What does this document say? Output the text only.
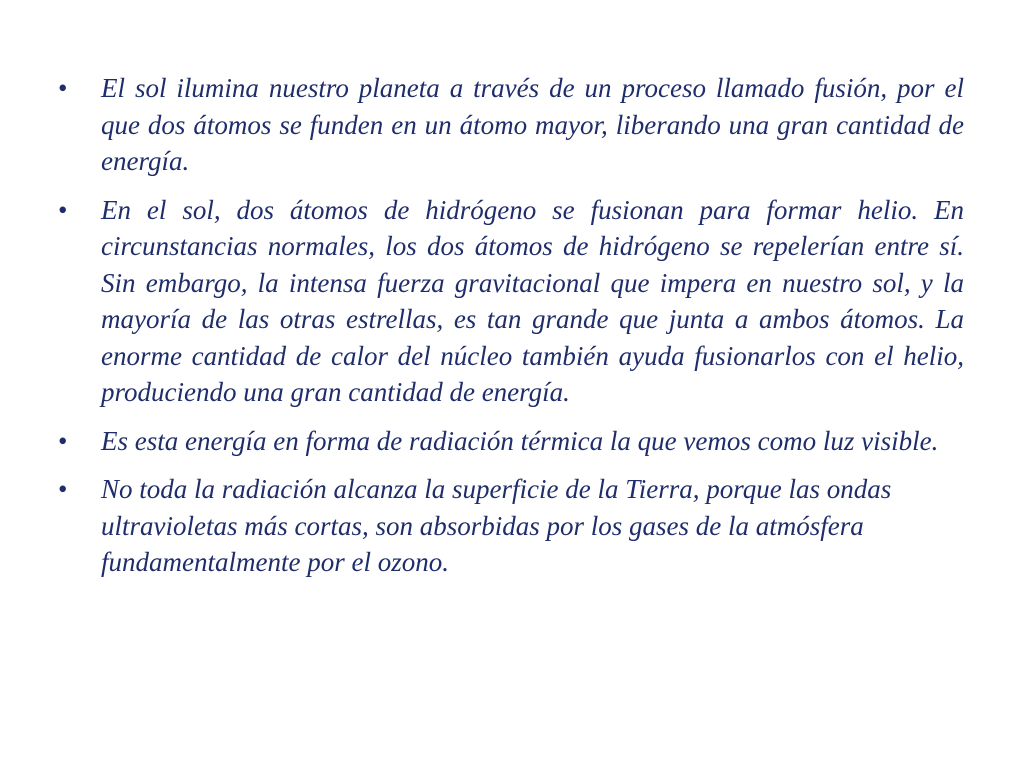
•	El sol ilumina nuestro planeta a través de un proceso llamado fusión, por el que dos átomos se funden en un átomo mayor, liberando una gran cantidad de energía.
•	En el sol, dos átomos de hidrógeno se fusionan para formar helio. En circunstancias normales, los dos átomos de hidrógeno se repelerían entre sí. Sin embargo, la intensa fuerza gravitacional que impera en nuestro sol, y la mayoría de las otras estrellas, es tan grande que junta a ambos átomos. La enorme cantidad de calor del núcleo también ayuda fusionarlos con el helio, produciendo una gran cantidad de energía.
•	Es esta energía en forma de radiación térmica la que vemos como luz visible.
•	No toda la radiación alcanza la superficie de la Tierra, porque las ondas ultravioletas más cortas, son absorbidas por los gases de la atmósfera fundamentalmente por el ozono.
